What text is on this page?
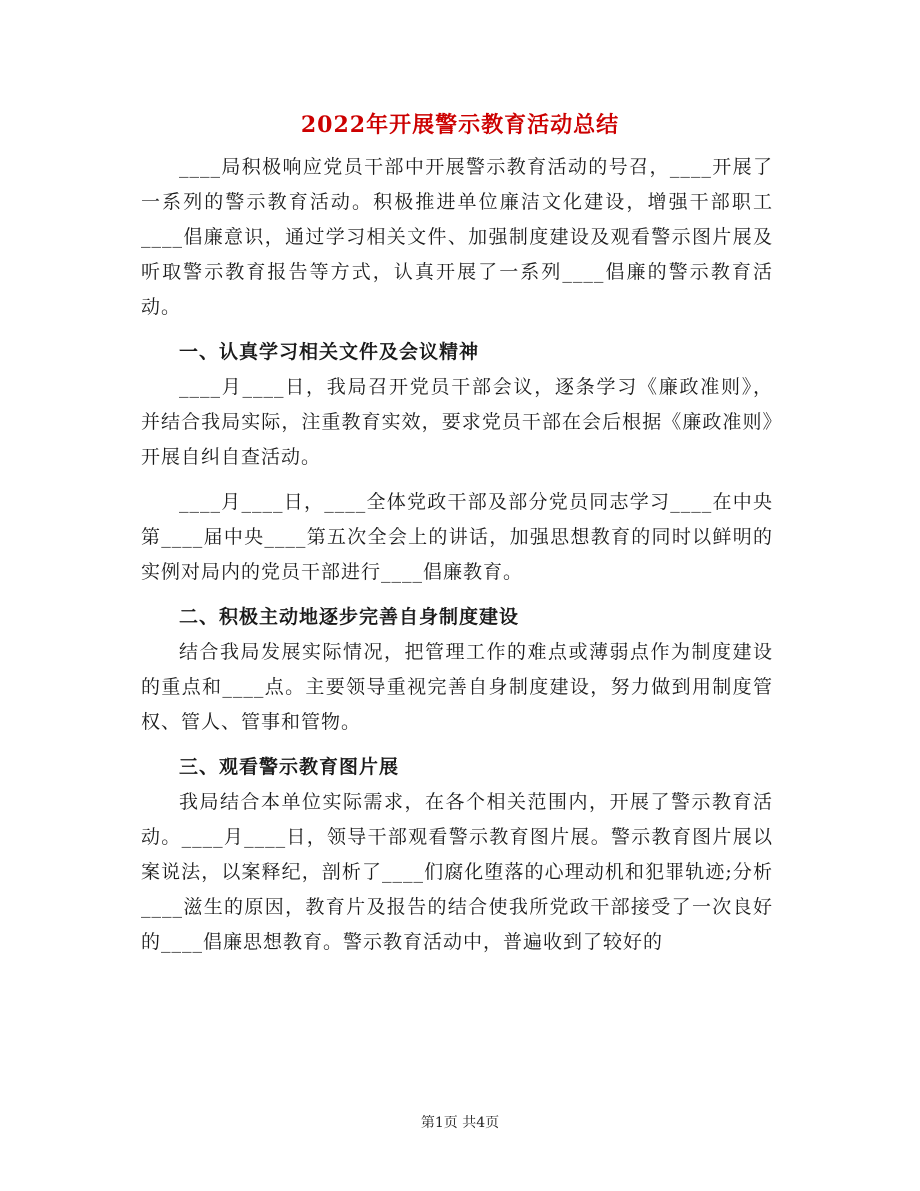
2022年开展警示教育活动总结

____局积极响应党员干部中开展警示教育活动的号召，____开展了一系列的警示教育活动。积极推进单位廉洁文化建设，增强干部职工____倡廉意识，通过学习相关文件、加强制度建设及观看警示图片展及听取警示教育报告等方式，认真开展了一系列____倡廉的警示教育活动。

一、认真学习相关文件及会议精神

____月____日，我局召开党员干部会议，逐条学习《廉政准则》，并结合我局实际，注重教育实效，要求党员干部在会后根据《廉政准则》开展自纠自查活动。

____月____日，____全体党政干部及部分党员同志学习____在中央第____届中央____第五次全会上的讲话，加强思想教育的同时以鲜明的实例对局内的党员干部进行____倡廉教育。

二、积极主动地逐步完善自身制度建设

结合我局发展实际情况，把管理工作的难点或薄弱点作为制度建设的重点和____点。主要领导重视完善自身制度建设，努力做到用制度管权、管人、管事和管物。

三、观看警示教育图片展

我局结合本单位实际需求，在各个相关范围内，开展了警示教育活动。____月____日，领导干部观看警示教育图片展。警示教育图片展以案说法，以案释纪，剖析了____们腐化堕落的心理动机和犯罪轨迹;分析____滋生的原因，教育片及报告的结合使我所党政干部接受了一次良好的____倡廉思想教育。警示教育活动中，普遍收到了较好的

第1页 共4页
